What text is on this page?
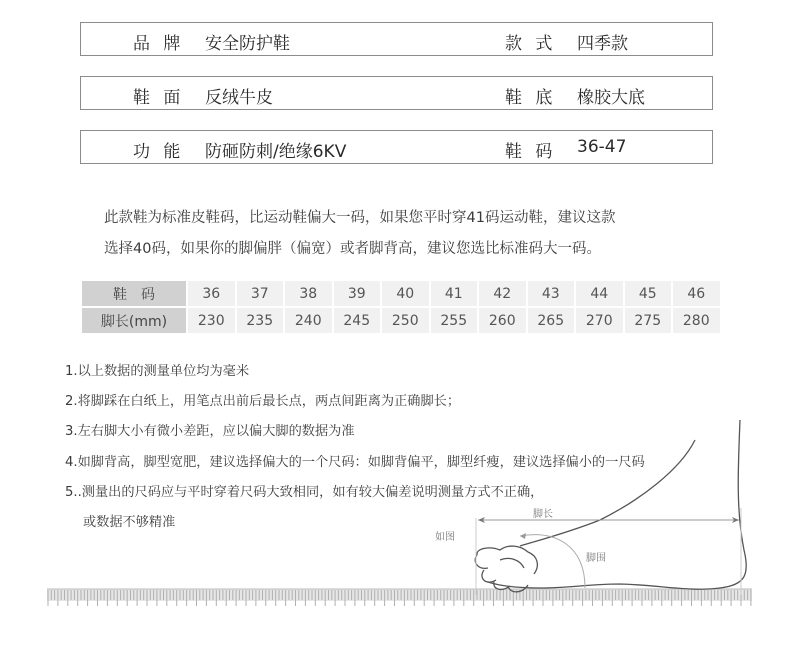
品 牌 安全防护鞋	款 式 四季款
鞋 面 反绒牛皮	鞋 底 橡胶大底
功 能 防砸防刺/绝缘6KV	鞋 码 36-47
此款鞋为标准皮鞋码，比运动鞋偏大一码，如果您平时穿41码运动鞋，建议这款
选择40码，如果你的脚偏胖（偏宽）或者脚背高，建议您选比标准码大一码。
鞋　码	36	37	38	39	40	41	42	43	44	45	46
脚长(mm)	230	235	240	245	250	255	260	265	270	275	280
脚长
如图
脚围
1.以上数据的测量单位均为毫米
2.将脚踩在白纸上，用笔点出前后最长点，两点间距离为正确脚长；
3.左右脚大小有微小差距，应以偏大脚的数据为准
4.如脚背高，脚型宽肥，建议选择偏大的一个尺码：如脚背偏平，脚型纤瘦，建议选择偏小的一尺码
5..测量出的尺码应与平时穿着尺码大致相同，如有较大偏差说明测量方式不正确，
或数据不够精准
